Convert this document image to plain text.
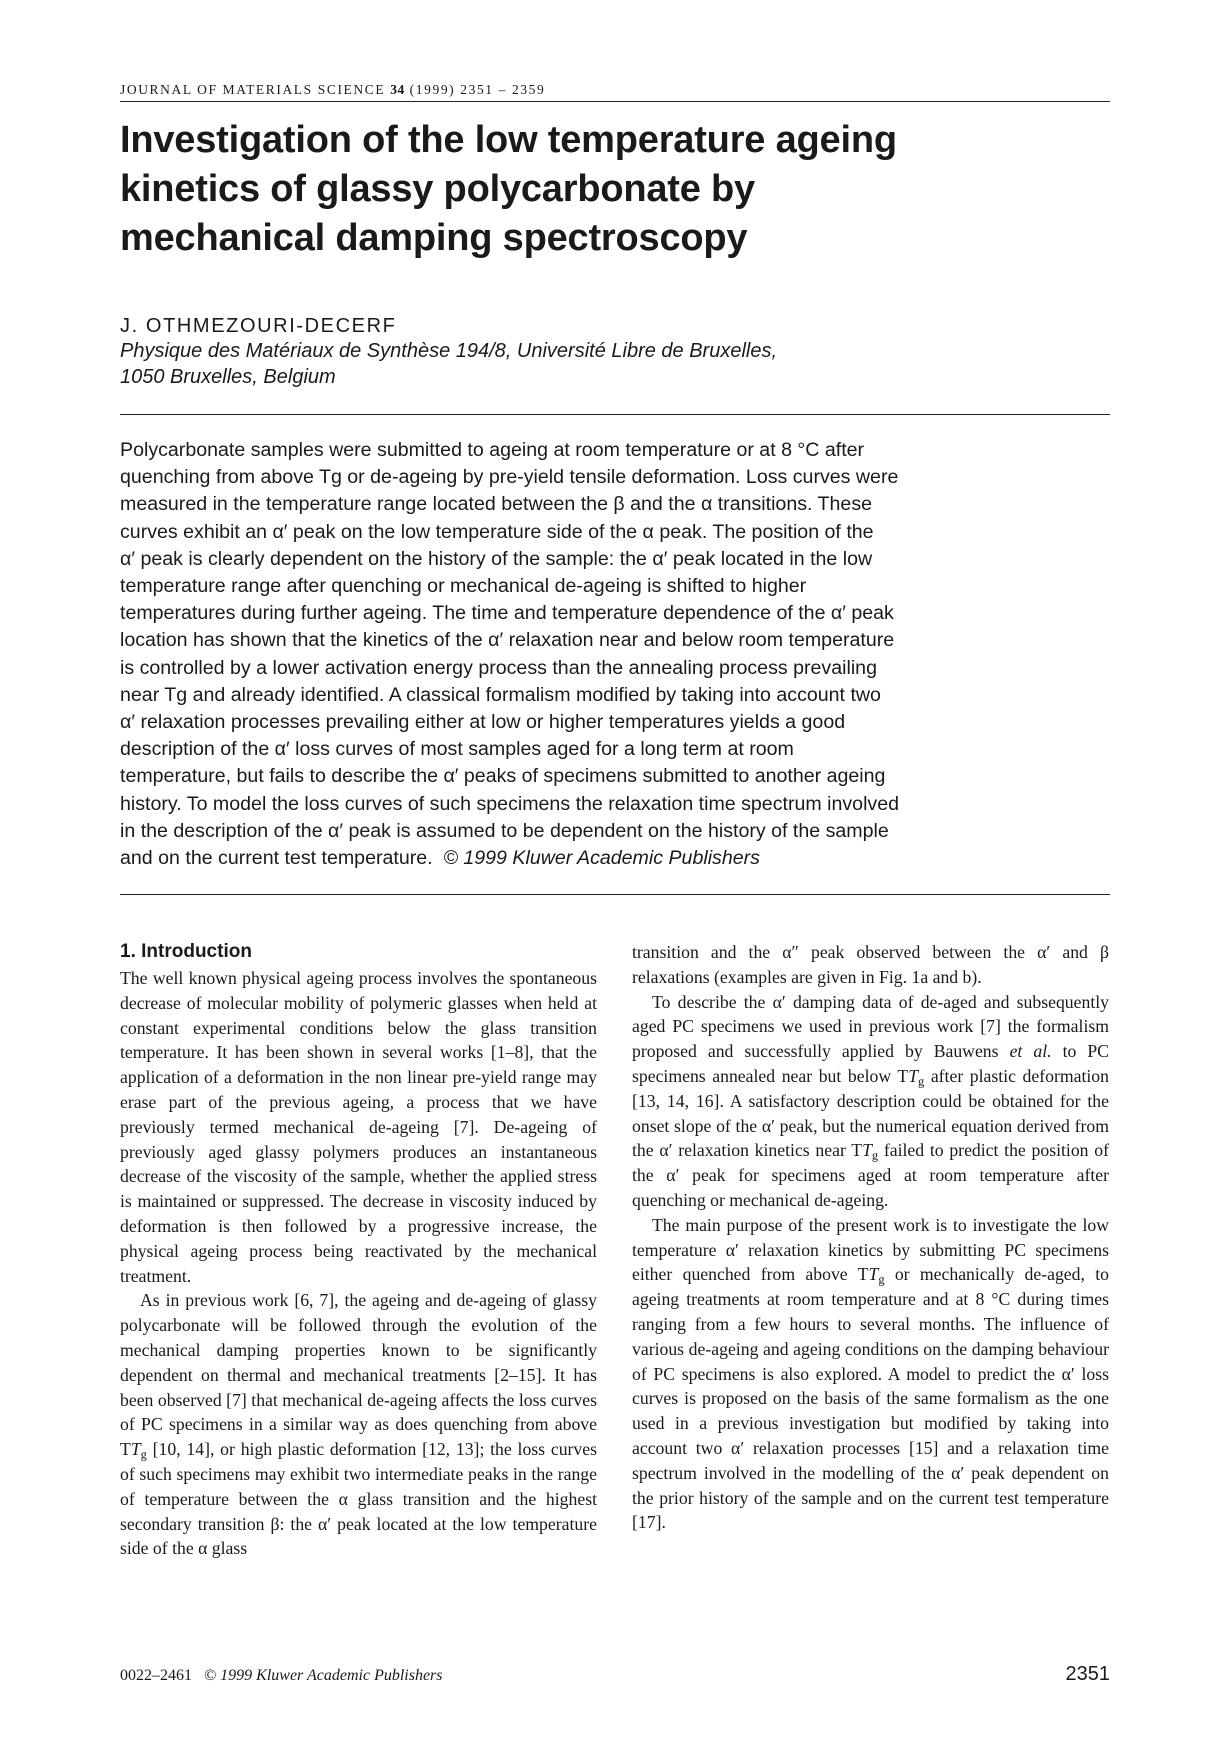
JOURNAL OF MATERIALS SCIENCE 34 (1999) 2351 – 2359
Investigation of the low temperature ageing
kinetics of glassy polycarbonate by
mechanical damping spectroscopy
J. OTHMEZOURI-DECERF
Physique des Matériaux de Synthèse 194/8, Université Libre de Bruxelles,
1050 Bruxelles, Belgium
Polycarbonate samples were submitted to ageing at room temperature or at 8 °C after
quenching from above Tg or de-ageing by pre-yield tensile deformation. Loss curves were
measured in the temperature range located between the β and the α transitions. These
curves exhibit an α′ peak on the low temperature side of the α peak. The position of the
α′ peak is clearly dependent on the history of the sample: the α′ peak located in the low
temperature range after quenching or mechanical de-ageing is shifted to higher
temperatures during further ageing. The time and temperature dependence of the α′ peak
location has shown that the kinetics of the α′ relaxation near and below room temperature
is controlled by a lower activation energy process than the annealing process prevailing
near Tg and already identified. A classical formalism modified by taking into account two
α′ relaxation processes prevailing either at low or higher temperatures yields a good
description of the α′ loss curves of most samples aged for a long term at room
temperature, but fails to describe the α′ peaks of specimens submitted to another ageing
history. To model the loss curves of such specimens the relaxation time spectrum involved
in the description of the α′ peak is assumed to be dependent on the history of the sample
and on the current test temperature. © 1999 Kluwer Academic Publishers
1. Introduction

The well known physical ageing process involves the spontaneous decrease of molecular mobility of polymeric glasses when held at constant experimental conditions below the glass transition temperature. It has been shown in several works [1–8], that the application of a deformation in the non linear pre-yield range may erase part of the previous ageing, a process that we have previously termed mechanical de-ageing [7]. De-ageing of previously aged glassy polymers produces an instantaneous decrease of the viscosity of the sample, whether the applied stress is maintained or suppressed. The decrease in viscosity induced by deformation is then followed by a progressive increase, the physical ageing process being reactivated by the mechanical treatment.

As in previous work [6, 7], the ageing and de-ageing of glassy polycarbonate will be followed through the evolution of the mechanical damping properties known to be significantly dependent on thermal and mechanical treatments [2–15]. It has been observed [7] that mechanical de-ageing affects the loss curves of PC specimens in a similar way as does quenching from above $TT_g$ [10, 14], or high plastic deformation [12, 13]; the loss curves of such specimens may exhibit two intermediate peaks in the range of temperature between the α glass transition and the highest secondary transition β: the α′ peak located at the low temperature side of the α glass

transition and the α″ peak observed between the α′ and β relaxations (examples are given in Fig. 1a and b).

To describe the α′ damping data of de-aged and subsequently aged PC specimens we used in previous work [7] the formalism proposed and successfully applied by Bauwens et al. to PC specimens annealed near but below $TT_g$ after plastic deformation [13, 14, 16]. A satisfactory description could be obtained for the onset slope of the α′ peak, but the numerical equation derived from the α′ relaxation kinetics near $TT_g$ failed to predict the position of the α′ peak for specimens aged at room temperature after quenching or mechanical de-ageing.

The main purpose of the present work is to investigate the low temperature α′ relaxation kinetics by submitting PC specimens either quenched from above $TT_g$ or mechanically de-aged, to ageing treatments at room temperature and at 8 °C during times ranging from a few hours to several months. The influence of various de-ageing and ageing conditions on the damping behaviour of PC specimens is also explored. A model to predict the α′ loss curves is proposed on the basis of the same formalism as the one used in a previous investigation but modified by taking into account two α′ relaxation processes [15] and a relaxation time spectrum involved in the modelling of the α′ peak dependent on the prior history of the sample and on the current test temperature [17].

0022–2461 © 1999 Kluwer Academic Publishers	2351
